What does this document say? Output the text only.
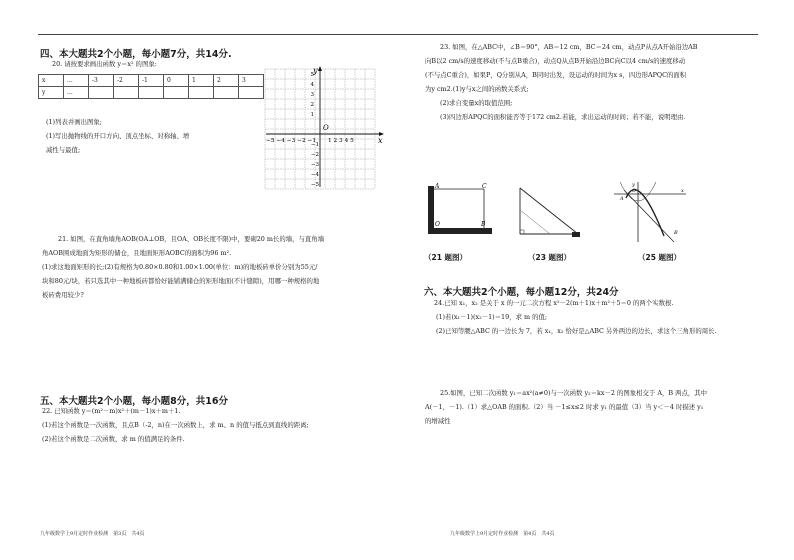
四、本大题共2个小题，每小题7分，共14分.
20. 请按要求画出函数 y＝x² 的图象:
x	...	-3	-2	-1	0	1	2	3
y	...							
(1)列表并画出图象;
(1)写出抛物线的开口方向、顶点坐标、对称轴、增
减性与最值;
y
x
O
5
4
3
2
1
−1
−2
−3
−4
−5
−5 −4 −3 −2 −1 1 2 3 4 5
21. 如图，在直角墙角AOB(OA⊥OB，且OA、OB长度不限)中，要砌20 m长的墙，与直角墙
角AOB围成地面为矩形的储仓，且地面矩形AOBC的面积为96 m².
(1)求这地面矩形的长;(2)有规格为0.80×0.80和1.00×1.00(单位：m)的地板砖单价分别为55元/
块和80元/块，若只选其中一种地板砖都恰好能铺满储仓的矩形地面(不计缝隙)，用哪一种规格的地
板砖费用较少?
五、本大题共2个小题，每小题8分，共16分
22. 已知函数 y＝(m²－m)x²＋(m－1)x＋m＋1.
(1)若这个函数是一次函数，且点B（-2，n)在一次函数上，求 m、n 的值与抵点到直线的距离;
(2)若这个函数是二次函数，求 m 的值满足的条件.
九年级数学上9月定时作业检测　第3页　共4页
23. 如图，在△ABC中，∠B＝90°，AB＝12 cm，BC＝24 cm，动点P从点A开始沿边AB
向B以2 cm/s的速度移动(不与点B重合)，动点Q从点B开始沿边BC向C以4 cm/s的速度移动
(不与点C重合)，如果P，Q分别从A，B同时出发，设运动的时间为x s，四边形APQC的面积
为y cm2.(1)y与x之间的函数关系式;
(2)求自变量x的取值范围;
(3)四边形APQC的面积能否等于172 cm2.若能，求出运动的时间；若不能，说明理由.
A	C
O	B
y
O
A
B
x
（21 题图）	（23 题图）	（25 题图）
六、本大题共2个小题，每小题12分，共24分
24.已知 x₁，x₂ 是关于 x 的一元二次方程 x²－2(m＋1)x＋m²＋5＝0 的两个实数根.
(1)若(x₁－1)(x₂－1)＝19，求 m 的值;
(2)已知等腰△ABC 的一边长为 7，若 x₁，x₂ 恰好是△ABC 另外两边的边长，求这个三角形的周长.
25.如图，已知二次函数 y₁＝ax²(a≠0)与一次函数 y₂＝kx－2 的图象相交于 A，B 两点，其中
A(－1，－1).（1）求△OAB 的面积.（2）当 －1≤x≤2 时求 y₁ 的最值（3）当 y＜－4 时描述 y₁
的增减性
九年级数学上9月定时作业检测　第4页　共4页
